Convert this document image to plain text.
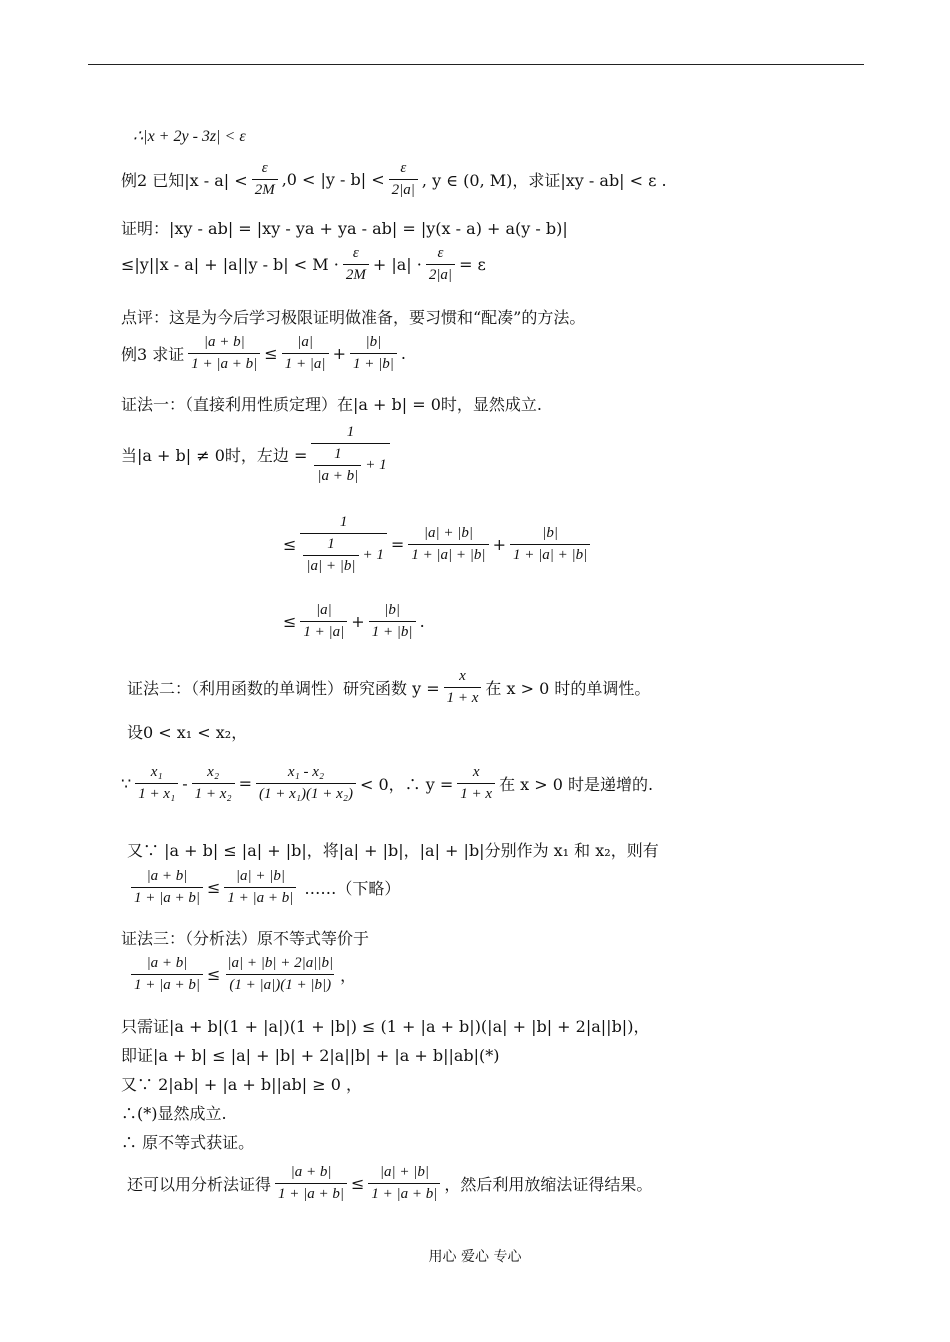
∴|x + 2y - 3z| < ε
例2 已知$|x - a| < \frac{\varepsilon}{2M} ,0 < |y - b| < \frac{\varepsilon}{2|a|}$ , y ∈ (0, M)，求证|xy - ab| < ε .
证明：|xy - ab| = |xy - ya + ya - ab| = |y(x - a) + a(y - b)|
$\le|y||x - a| + |a||y - b| < M \cdot \frac{\varepsilon}{2M} + |a| \cdot \frac{\varepsilon}{2|a|} = \varepsilon$
点评：这是为今后学习极限证明做准备，要习惯和“配凑”的方法。
例3 求证 $\frac{|a + b|}{1 + |a + b|} \le \frac{|a|}{1 + |a|} + \frac{|b|}{1 + |b|}$ .
证法一：（直接利用性质定理）在|a + b| = 0时，显然成立.
当|a + b| ≠ 0时，左边 = $\frac{1}{\frac{1}{|a + b|} + 1}$
≤ $\frac{1}{\frac{1}{|a| + |b|} + 1} = \frac{|a| + |b|}{1 + |a| + |b|} + \frac{|b|}{1 + |a| + |b|}$
≤ $\frac{|a|}{1 + |a|} + \frac{|b|}{1 + |b|}$ .
证法二：（利用函数的单调性）研究函数 $y = \frac{x}{1 + x}$ 在 x > 0 时的单调性。
设0 < x₁ < x₂，
∵ $\frac{\text{x₁}}{\text{1 + x₁}} - \frac{\text{x₂}}{\text{1 + x₂}} = \frac{\text{x₁ - x₂}}{\text{(1 + x₁)(1 + x₂)}} < 0$，∴ $y = \frac{x}{1 + x}$ 在 x > 0 时是递增的.
又∵ |a + b| ≤ |a| + |b|，将|a| + |b|，|a| + |b|分别作为 x₁ 和 x₂，则有
$\frac{|a + b|}{1 + |a + b|} \le \frac{|a| + |b|}{1 + |a + b|}$ ……（下略）
证法三：（分析法）原不等式等价于
$\frac{|a + b|}{1 + |a + b|} \le \frac{|a| + |b| + 2|a||b|}{(1 + |a|)(1 + |b|)}$ ，
只需证|a + b|(1 + |a|)(1 + |b|) ≤ (1 + |a + b|)(|a| + |b| + 2|a||b|)，
即证|a + b| ≤ |a| + |b| + 2|a||b| + |a + b||ab|(*)
又∵ 2|ab| + |a + b||ab| ≥ 0 ，
∴(*)显然成立.
∴ 原不等式获证。
还可以用分析法证得 $\frac{|a + b|}{1 + |a + b|} \le \frac{|a| + |b|}{1 + |a + b|}$ ，然后利用放缩法证得结果。
用心 爱心 专心
